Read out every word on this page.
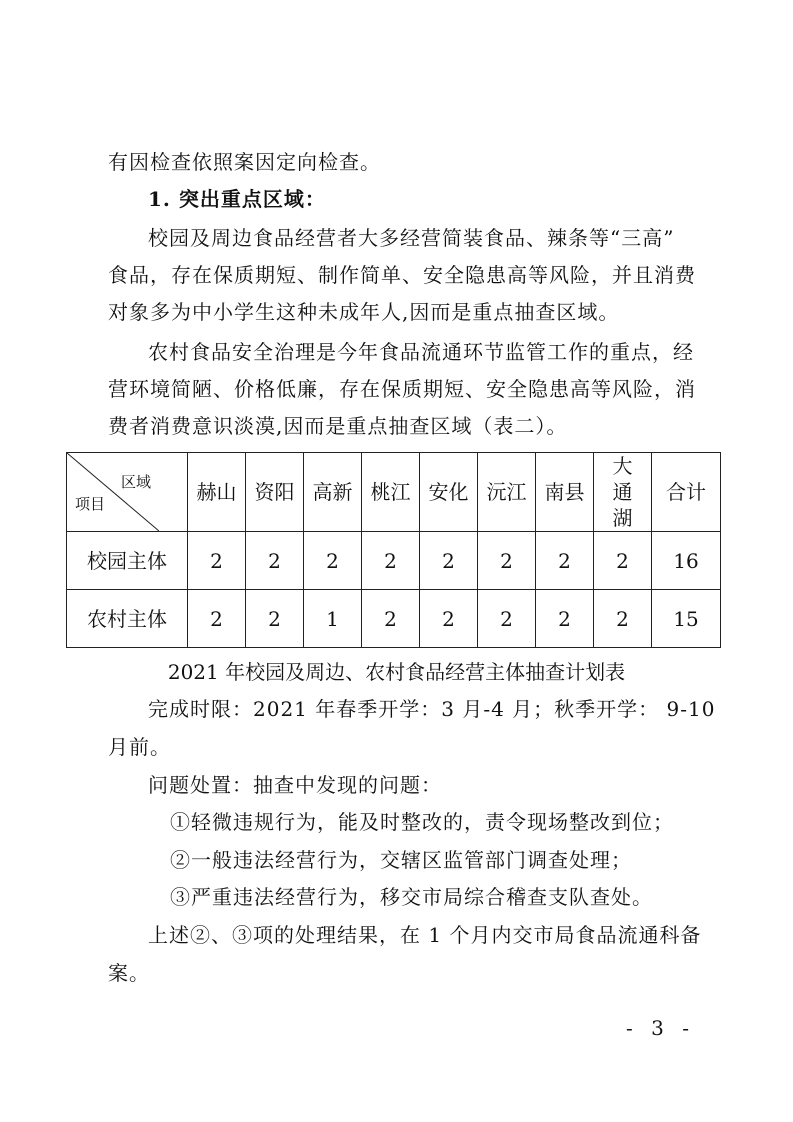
有因检查依照案因定向检查。
1. 突出重点区域：
校园及周边食品经营者大多经营简装食品、辣条等“三高”
食品，存在保质期短、制作简单、安全隐患高等风险，并且消费
对象多为中小学生这种未成年人,因而是重点抽查区域。
农村食品安全治理是今年食品流通环节监管工作的重点，经
营环境简陋、价格低廉，存在保质期短、安全隐患高等风险，消
费者消费意识淡漠,因而是重点抽查区域（表二）。
区域
项目	赫山	资阳	高新	桃江	安化	沅江	南县	大通湖	合计
校园主体	2	2	2	2	2	2	2	2	16
农村主体	2	2	1	2	2	2	2	2	15
2021 年校园及周边、农村食品经营主体抽查计划表
完成时限：2021 年春季开学：3 月-4 月；秋季开学： 9-10
月前。
问题处置：抽查中发现的问题：
①轻微违规行为，能及时整改的，责令现场整改到位；
②一般违法经营行为，交辖区监管部门调查处理；
③严重违法经营行为，移交市局综合稽查支队查处。
上述②、③项的处理结果，在 1 个月内交市局食品流通科备
案。
- 3 -
